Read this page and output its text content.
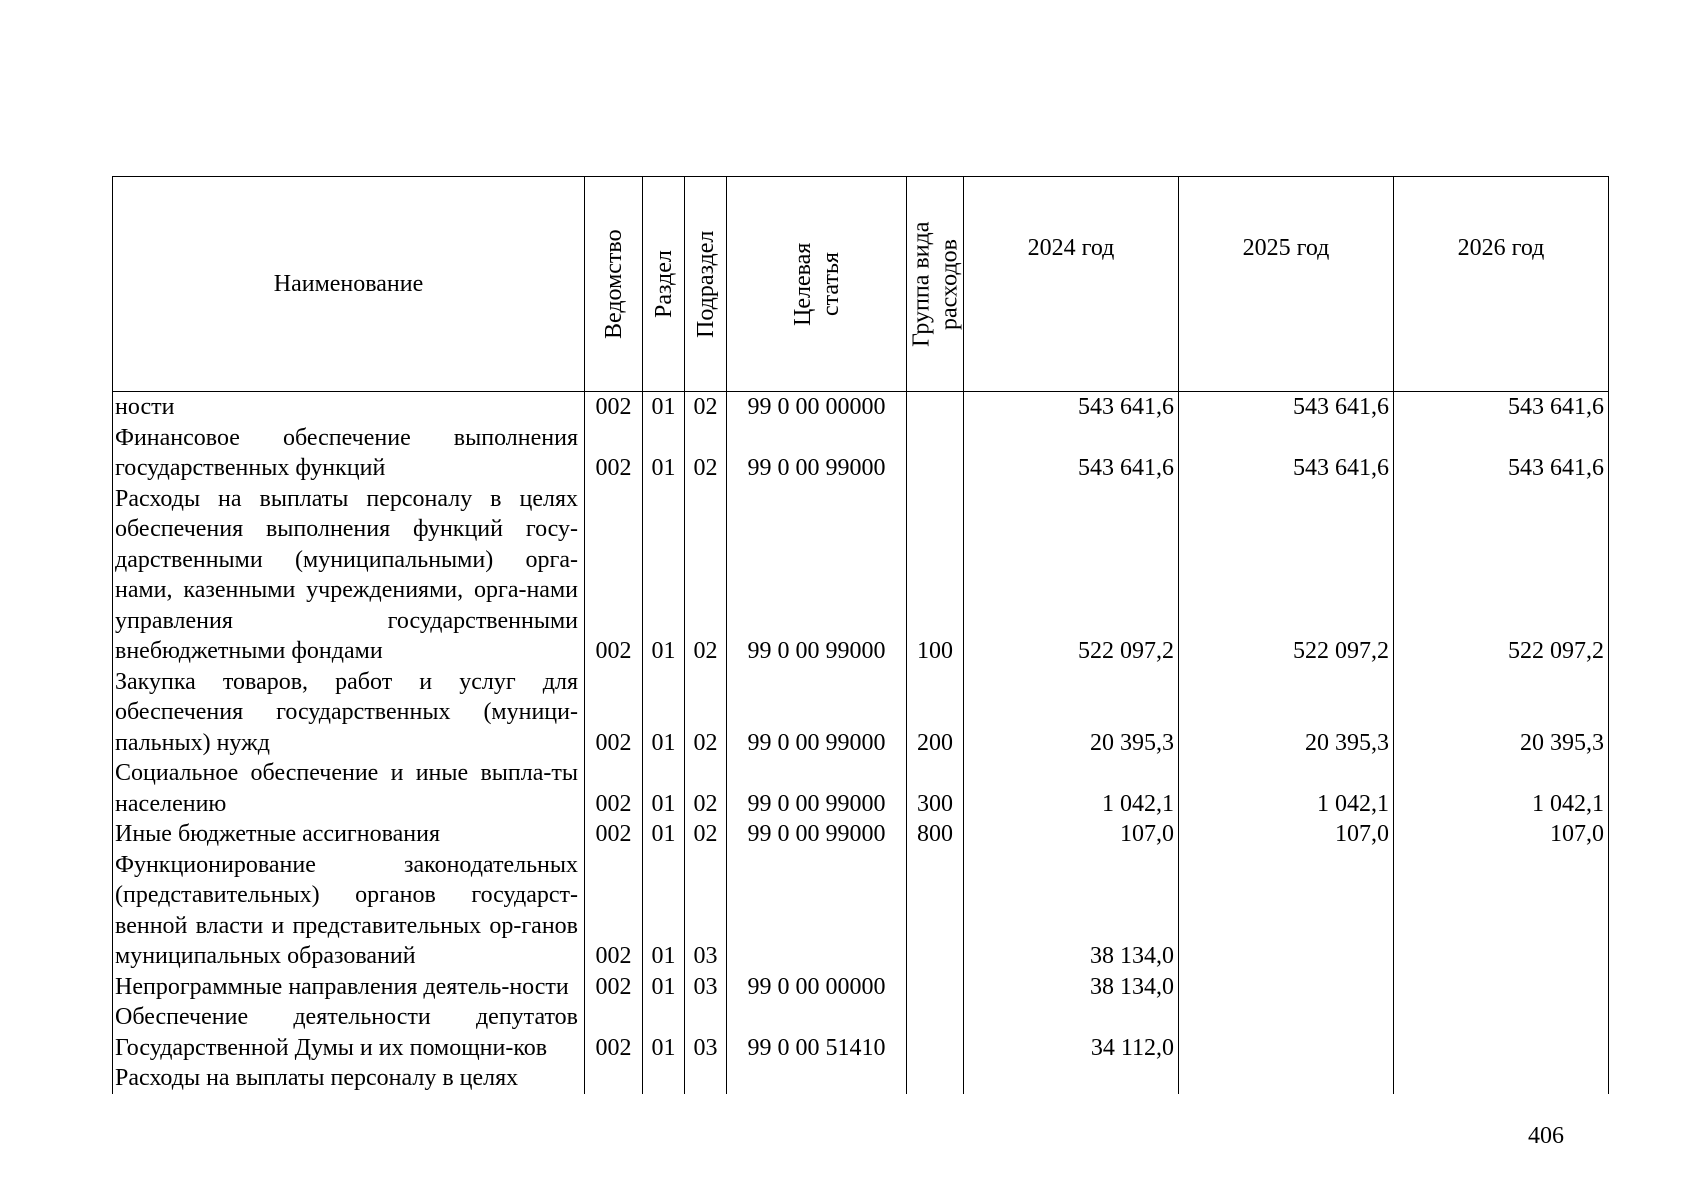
Наименование	Ведомство	Раздел	Подраздел	Целевая статья	Группа вида расходов	2024 год	2025 год	2026 год
ности	002	01	02	99 0 00 00000		543 641,6	543 641,6	543 641,6
Финансовое обеспечение выполнения государственных функций	002	01	02	99 0 00 99000		543 641,6	543 641,6	543 641,6
Расходы на выплаты персоналу в целях обеспечения выполнения функций госу-дарственными (муниципальными) орга-нами, казенными учреждениями, орга-нами управления государственными внебюджетными фондами	002	01	02	99 0 00 99000	100	522 097,2	522 097,2	522 097,2
Закупка товаров, работ и услуг для обеспечения государственных (муници-пальных) нужд	002	01	02	99 0 00 99000	200	20 395,3	20 395,3	20 395,3
Социальное обеспечение и иные выпла-ты населению	002	01	02	99 0 00 99000	300	1 042,1	1 042,1	1 042,1
Иные бюджетные ассигнования	002	01	02	99 0 00 99000	800	107,0	107,0	107,0
Функционирование законодательных (представительных) органов государст-венной власти и представительных ор-ганов муниципальных образований	002	01	03			38 134,0		
Непрограммные направления деятель-ности	002	01	03	99 0 00 00000		38 134,0		
Обеспечение деятельности депутатов Государственной Думы и их помощни-ков	002	01	03	99 0 00 51410		34 112,0		
Расходы на выплаты персоналу в целях								
406
